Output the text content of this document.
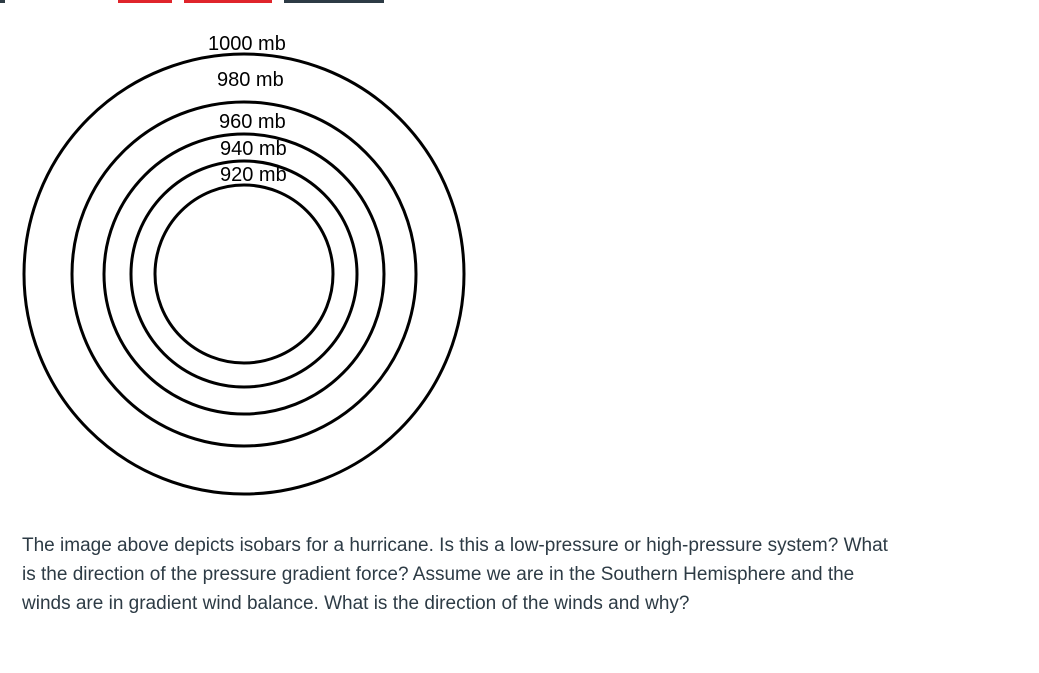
1000 mb
980 mb
960 mb
940 mb
920 mb

The image above depicts isobars for a hurricane. Is this a low-pressure or high-pressure system? What is the direction of the pressure gradient force? Assume we are in the Southern Hemisphere and the winds are in gradient wind balance. What is the direction of the winds and why?
